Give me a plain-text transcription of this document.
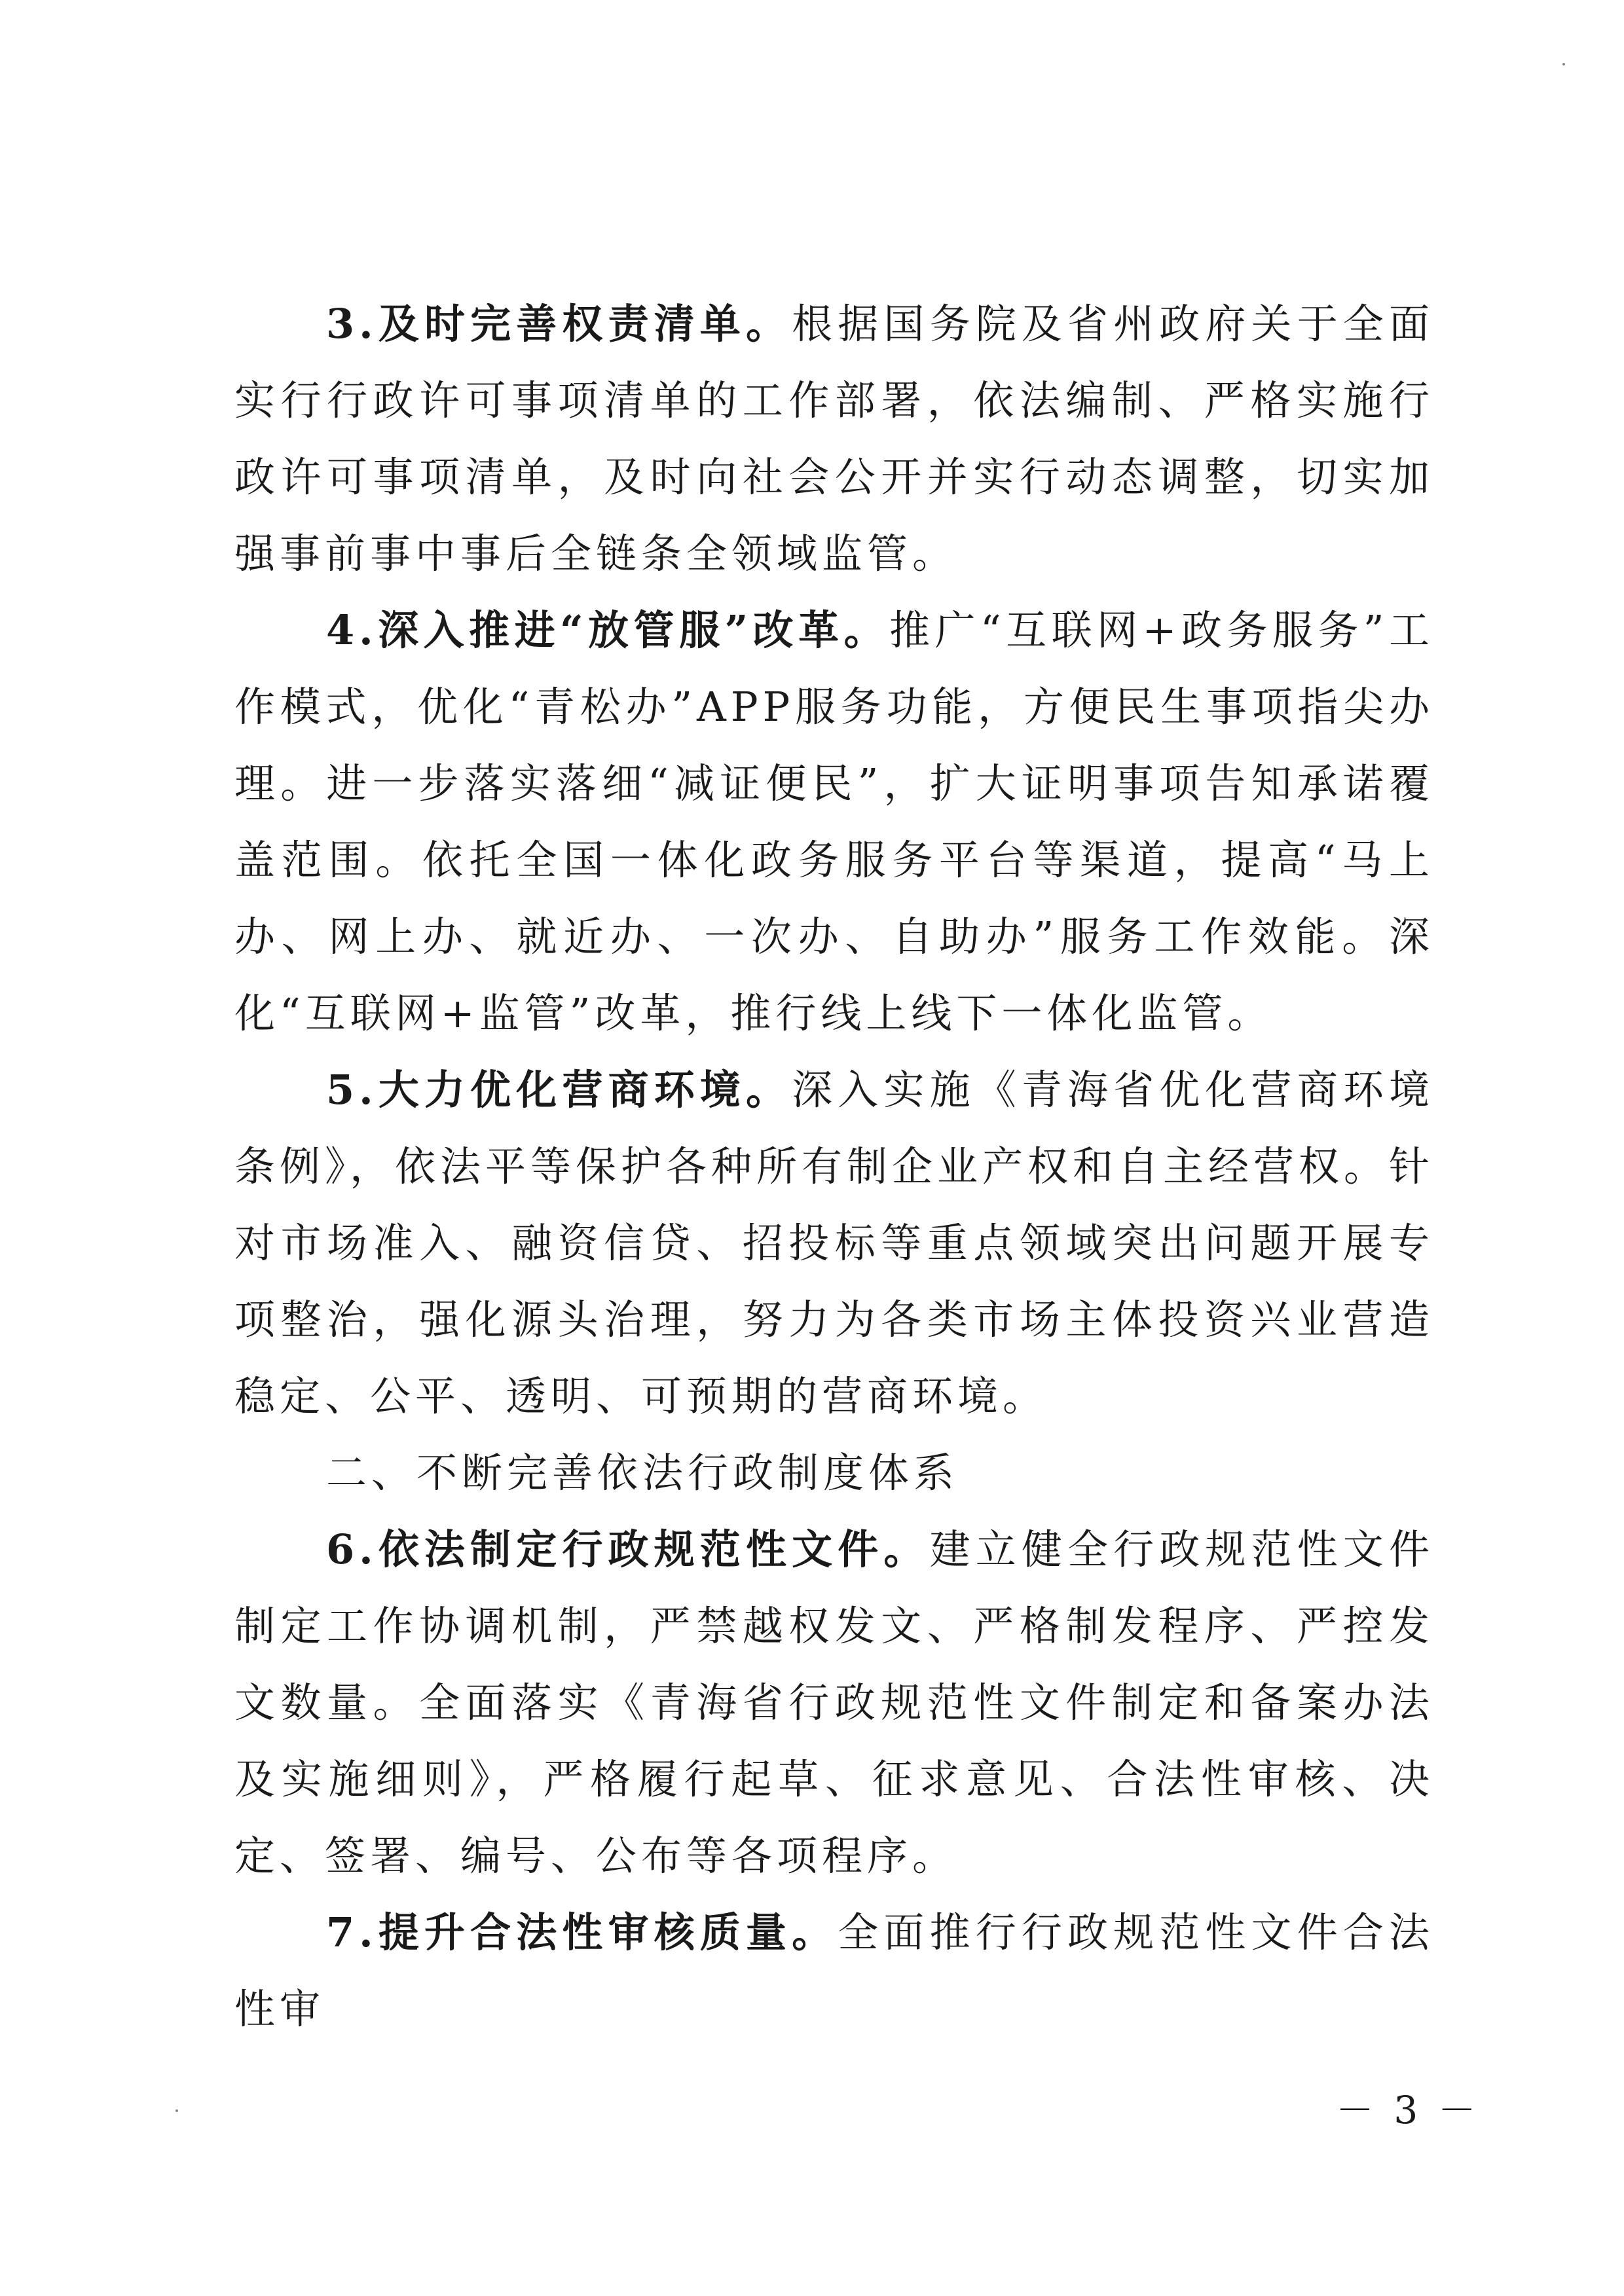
3.及时完善权责清单。根据国务院及省州政府关于全面实行行政许可事项清单的工作部署，依法编制、严格实施行政许可事项清单，及时向社会公开并实行动态调整，切实加强事前事中事后全链条全领域监管。

4.深入推进“放管服”改革。推广“互联网+政务服务”工作模式，优化“青松办”APP服务功能，方便民生事项指尖办理。进一步落实落细“减证便民”，扩大证明事项告知承诺覆盖范围。依托全国一体化政务服务平台等渠道，提高“马上办、网上办、就近办、一次办、自助办”服务工作效能。深化“互联网+监管”改革，推行线上线下一体化监管。

5.大力优化营商环境。深入实施《青海省优化营商环境条例》，依法平等保护各种所有制企业产权和自主经营权。针对市场准入、融资信贷、招投标等重点领域突出问题开展专项整治，强化源头治理，努力为各类市场主体投资兴业营造稳定、公平、透明、可预期的营商环境。

二、不断完善依法行政制度体系

6.依法制定行政规范性文件。建立健全行政规范性文件制定工作协调机制，严禁越权发文、严格制发程序、严控发文数量。全面落实《青海省行政规范性文件制定和备案办法及实施细则》，严格履行起草、征求意见、合法性审核、决定、签署、编号、公布等各项程序。

7.提升合法性审核质量。全面推行行政规范性文件合法性审

－ 3 －
